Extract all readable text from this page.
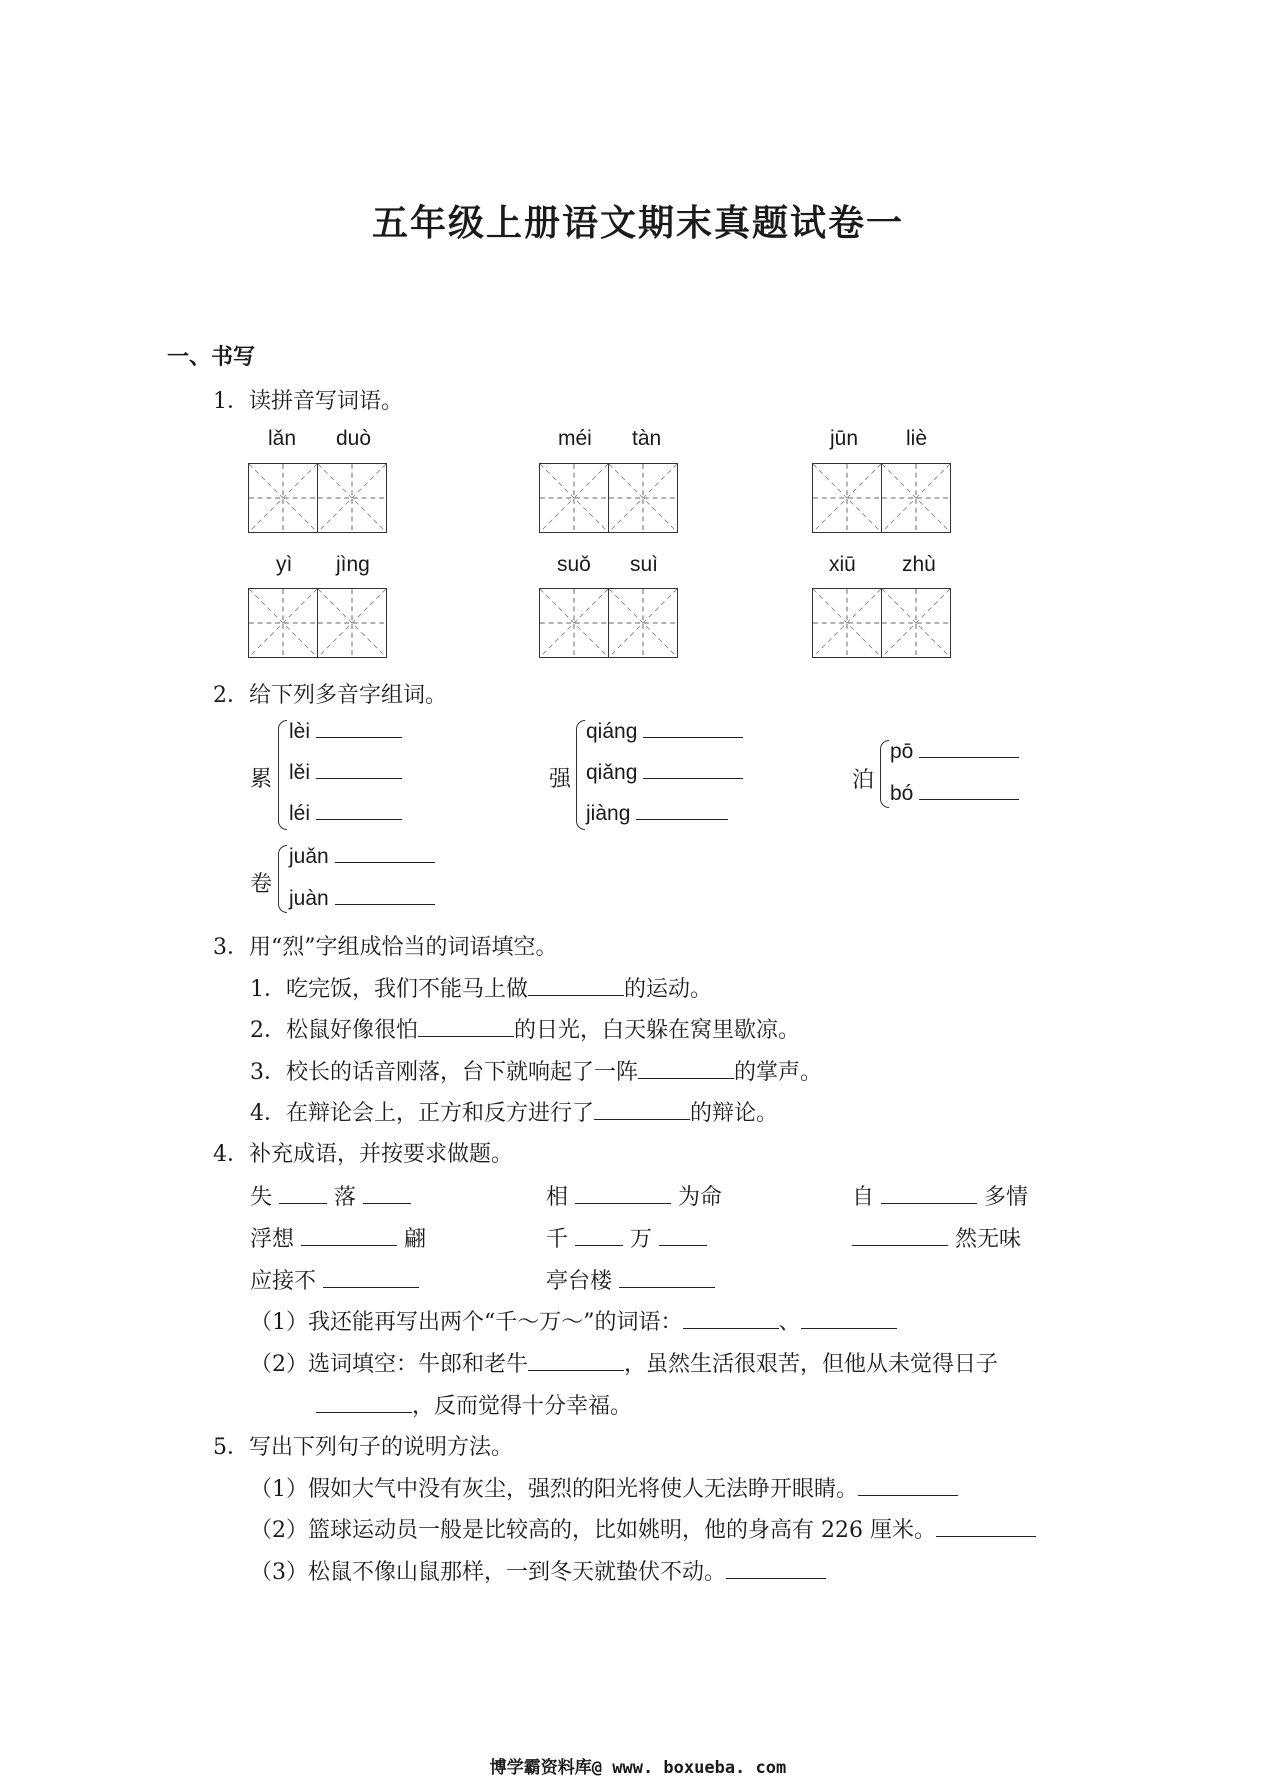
五年级上册语文期末真题试卷一
一、书写
1．读拼音写词语。
lǎn duò	méi tàn	jūn liè
yì jìng	suǒ suì	xiū zhù
2．给下列多音字组词。
累
lèi
lěi
léi
强
qiáng
qiǎng
jiàng
泊
pō
bó
卷
juǎn
juàn
3．用“烈”字组成恰当的词语填空。
1．吃完饭，我们不能马上做	的运动。
2．松鼠好像很怕	的日光，白天躲在窝里歇凉。
3．校长的话音刚落，台下就响起了一阵	的掌声。
4．在辩论会上，正方和反方进行了	的辩论。
4．补充成语，并按要求做题。
失	落	相	为命	自	多情
浮想	翩	千	万	然无味
应接不	亭台楼
（1）我还能再写出两个“千～万～”的词语：	、
（2）选词填空：牛郎和老牛	，虽然生活很艰苦，但他从未觉得日子
，反而觉得十分幸福。
5．写出下列句子的说明方法。
（1）假如大气中没有灰尘，强烈的阳光将使人无法睁开眼睛。
（2）篮球运动员一般是比较高的，比如姚明，他的身高有 226 厘米。
（3）松鼠不像山鼠那样，一到冬天就蛰伏不动。
博学霸资料库@ www. boxueba. com
